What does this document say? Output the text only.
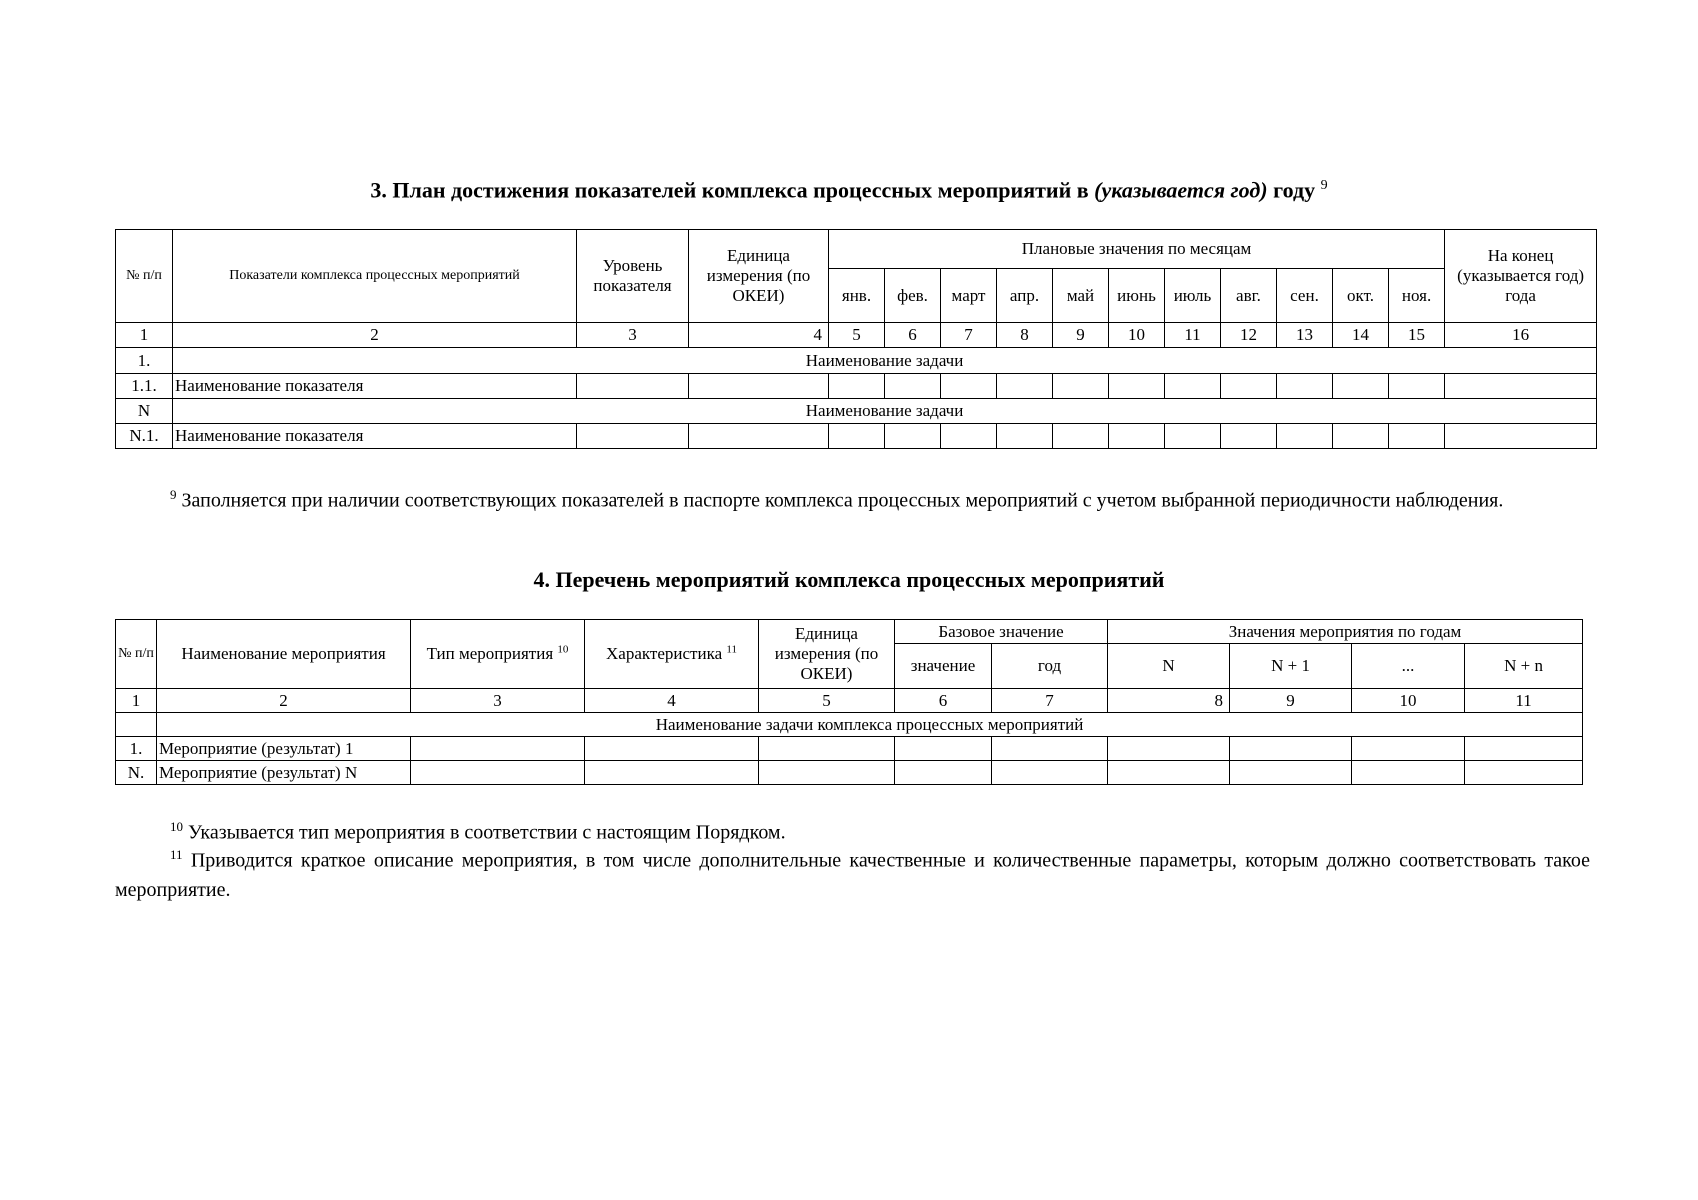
3. План достижения показателей комплекса процессных мероприятий в (указывается год) году $^9$
№ п/п	Показатели комплекса процессных мероприятий	Уровень показателя	Единица измерения (по ОКЕИ)	Плановые значения по месяцам											На конец (указывается год) года
				янв.	фев.	март	апр.	май	июнь	июль	авг.	сен.	окт.	ноя.	
1	2	3	4	5	6	7	8	9	10	11	12	13	14	15	16
1.	Наименование задачи														
1.1.	Наименование показателя														
N	Наименование задачи														
N.1.	Наименование показателя														
$^9$ Заполняется при наличии соответствующих показателей в паспорте комплекса процессных мероприятий с учетом выбранной периодичности наблюдения.
4. Перечень мероприятий комплекса процессных мероприятий
№ п/п	Наименование мероприятия	Тип мероприятия $^{10}$	Характеристика $^{11}$	Единица измерения (по ОКЕИ)	Базовое значение		Значения мероприятия по годам			
					значение	год	N	N + 1	...	N + n
1	2	3	4	5	6	7	8	9	10	11
	Наименование задачи комплекса процессных мероприятий									
1.	Мероприятие (результат) 1									
N.	Мероприятие (результат) N									
$^{10}$ Указывается тип мероприятия в соответствии с настоящим Порядком.
$^{11}$ Приводится краткое описание мероприятия, в том числе дополнительные качественные и количественные параметры, которым должно соответствовать такое мероприятие.
